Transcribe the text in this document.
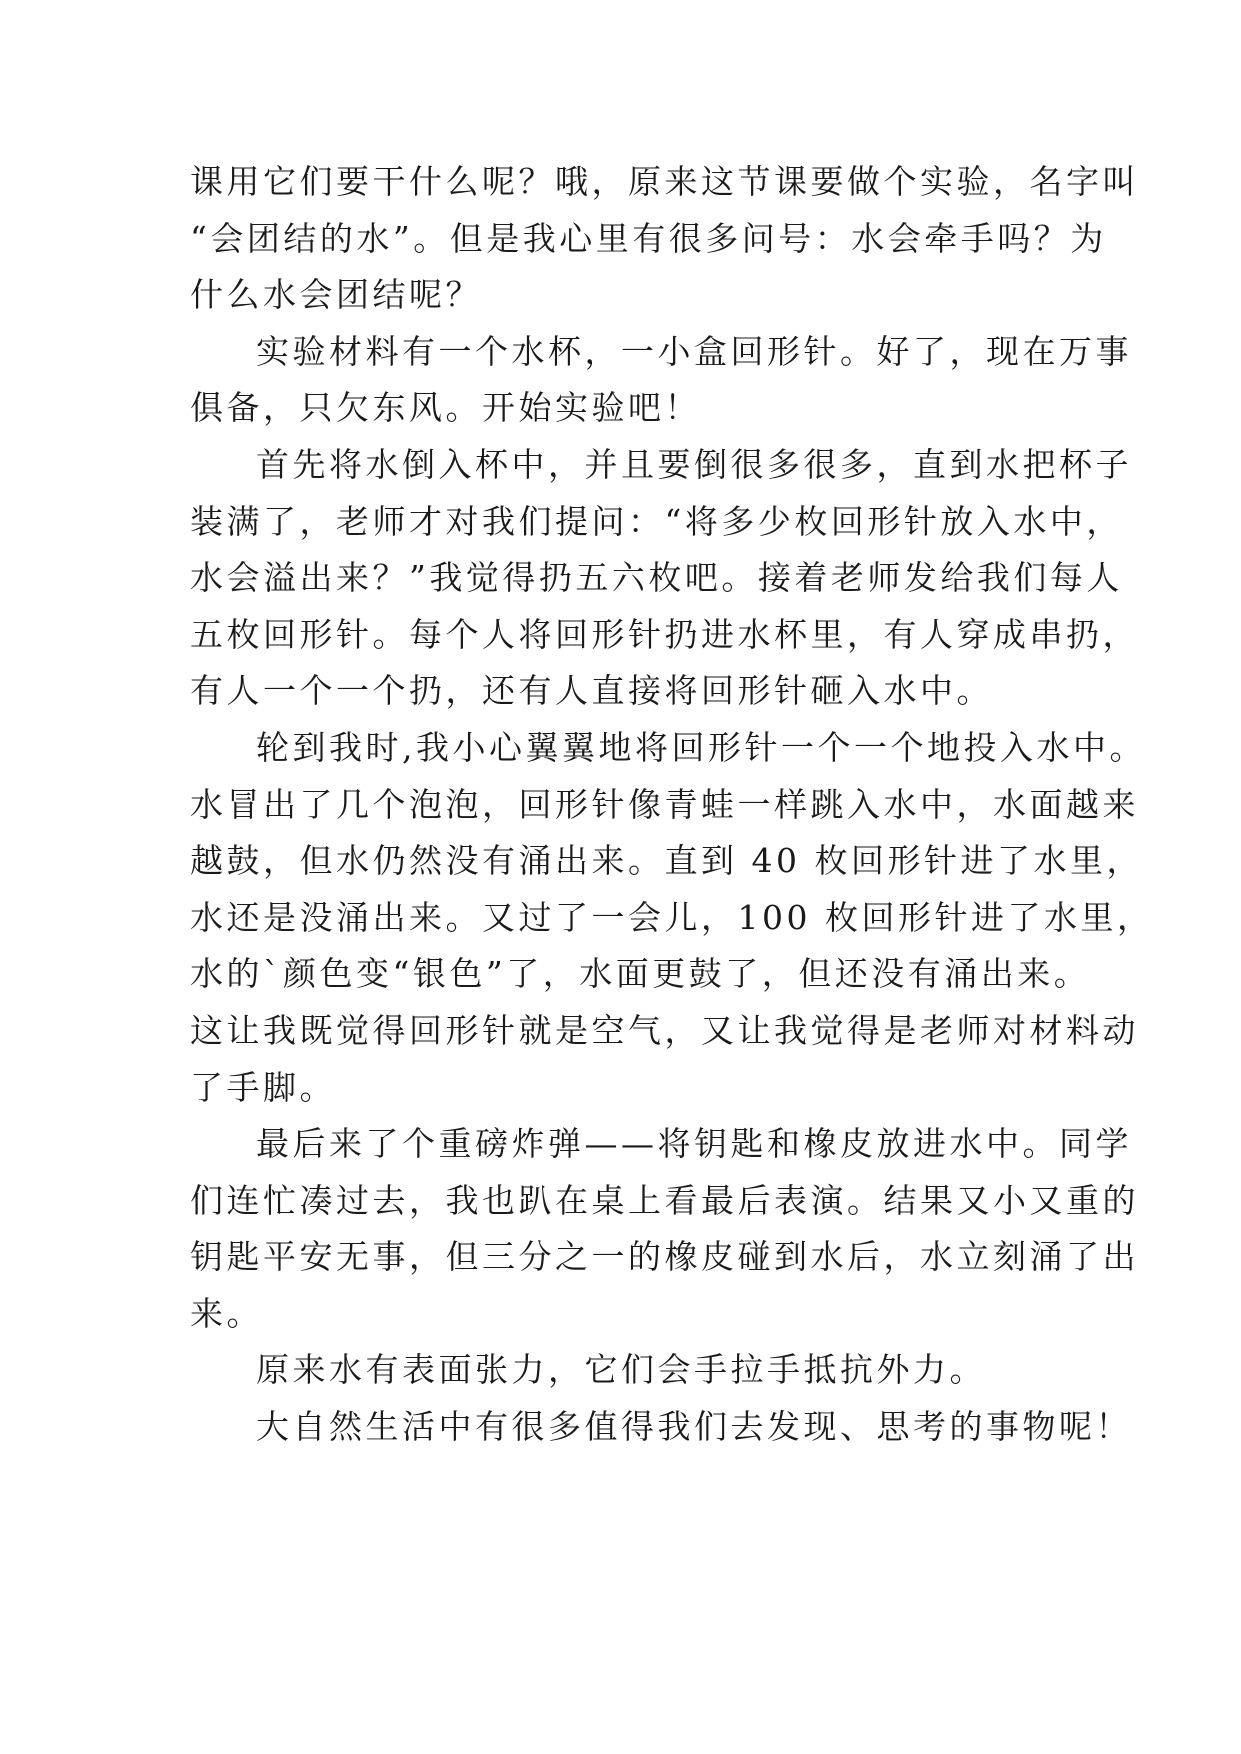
课用它们要干什么呢？哦，原来这节课要做个实验，名字叫
“会团结的水”。但是我心里有很多问号：水会牵手吗？为
什么水会团结呢？

实验材料有一个水杯，一小盒回形针。好了，现在万事
俱备，只欠东风。开始实验吧！

首先将水倒入杯中，并且要倒很多很多，直到水把杯子
装满了，老师才对我们提问：“将多少枚回形针放入水中，
水会溢出来？”我觉得扔五六枚吧。接着老师发给我们每人
五枚回形针。每个人将回形针扔进水杯里，有人穿成串扔，
有人一个一个扔，还有人直接将回形针砸入水中。

轮到我时,我小心翼翼地将回形针一个一个地投入水中。
水冒出了几个泡泡，回形针像青蛙一样跳入水中，水面越来
越鼓，但水仍然没有涌出来。直到 40 枚回形针进了水里，
水还是没涌出来。又过了一会儿，100 枚回形针进了水里，
水的`颜色变“银色”了，水面更鼓了，但还没有涌出来。
这让我既觉得回形针就是空气，又让我觉得是老师对材料动
了手脚。

最后来了个重磅炸弹——将钥匙和橡皮放进水中。同学
们连忙凑过去，我也趴在桌上看最后表演。结果又小又重的
钥匙平安无事，但三分之一的橡皮碰到水后，水立刻涌了出
来。

原来水有表面张力，它们会手拉手抵抗外力。

大自然生活中有很多值得我们去发现、思考的事物呢！
